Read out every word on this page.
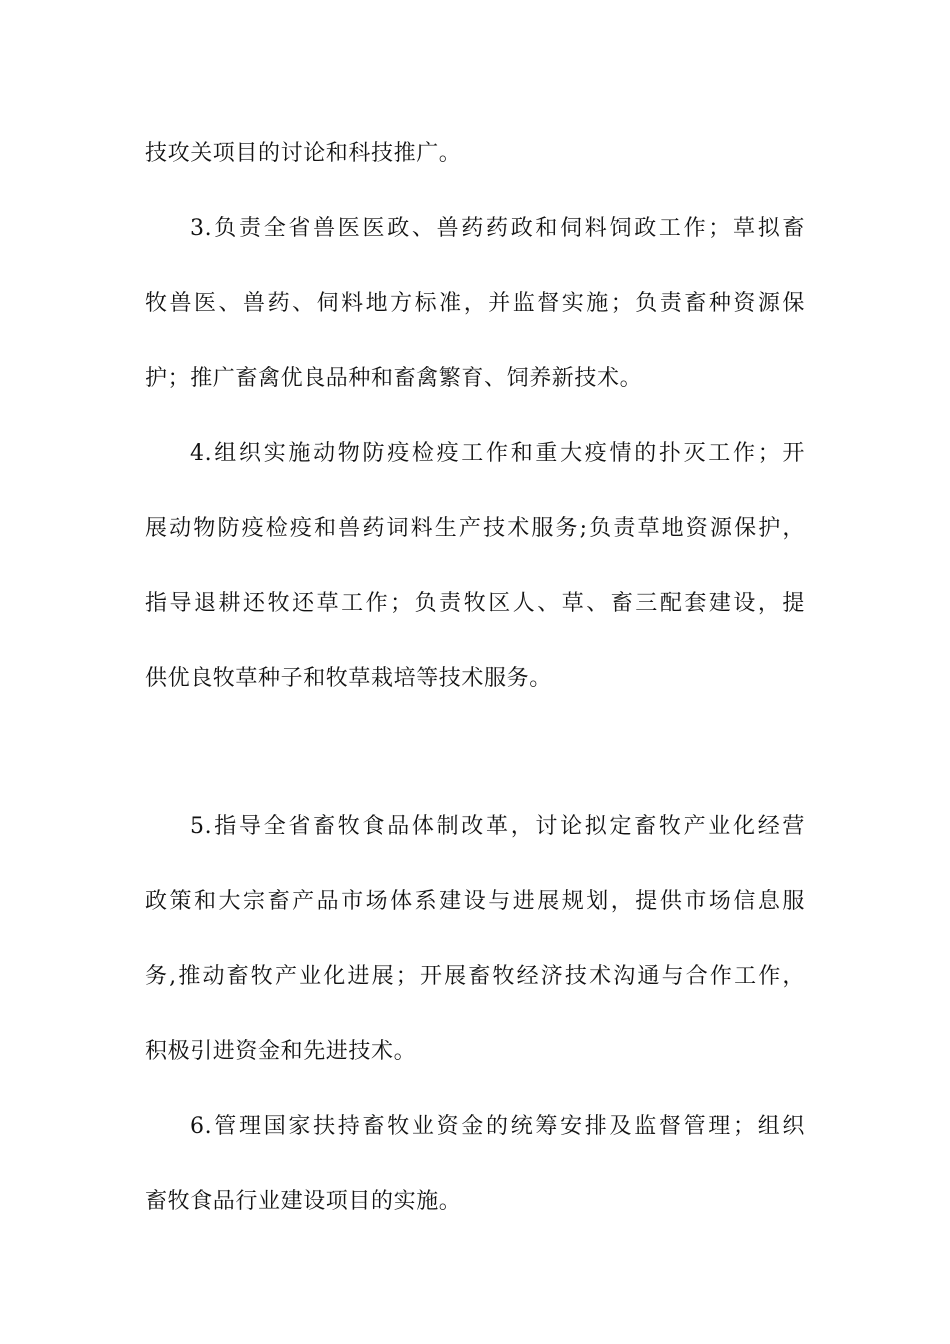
技攻关项目的讨论和科技推广。
3.负责全省兽医医政、兽药药政和伺料饲政工作；草拟畜
牧兽医、兽药、伺料地方标准，并监督实施；负责畜种资源保
护；推广畜禽优良品种和畜禽繁育、饲养新技术。
4.组织实施动物防疫检疫工作和重大疫情的扑灭工作；开
展动物防疫检疫和兽药词料生产技术服务;负责草地资源保护，
指导退耕还牧还草工作；负责牧区人、草、畜三配套建设，提
供优良牧草种子和牧草栽培等技术服务。
5.指导全省畜牧食品体制改革，讨论拟定畜牧产业化经营
政策和大宗畜产品市场体系建设与进展规划，提供市场信息服
务,推动畜牧产业化进展；开展畜牧经济技术沟通与合作工作，
积极引进资金和先进技术。
6.管理国家扶持畜牧业资金的统筹安排及监督管理；组织
畜牧食品行业建设项目的实施。
